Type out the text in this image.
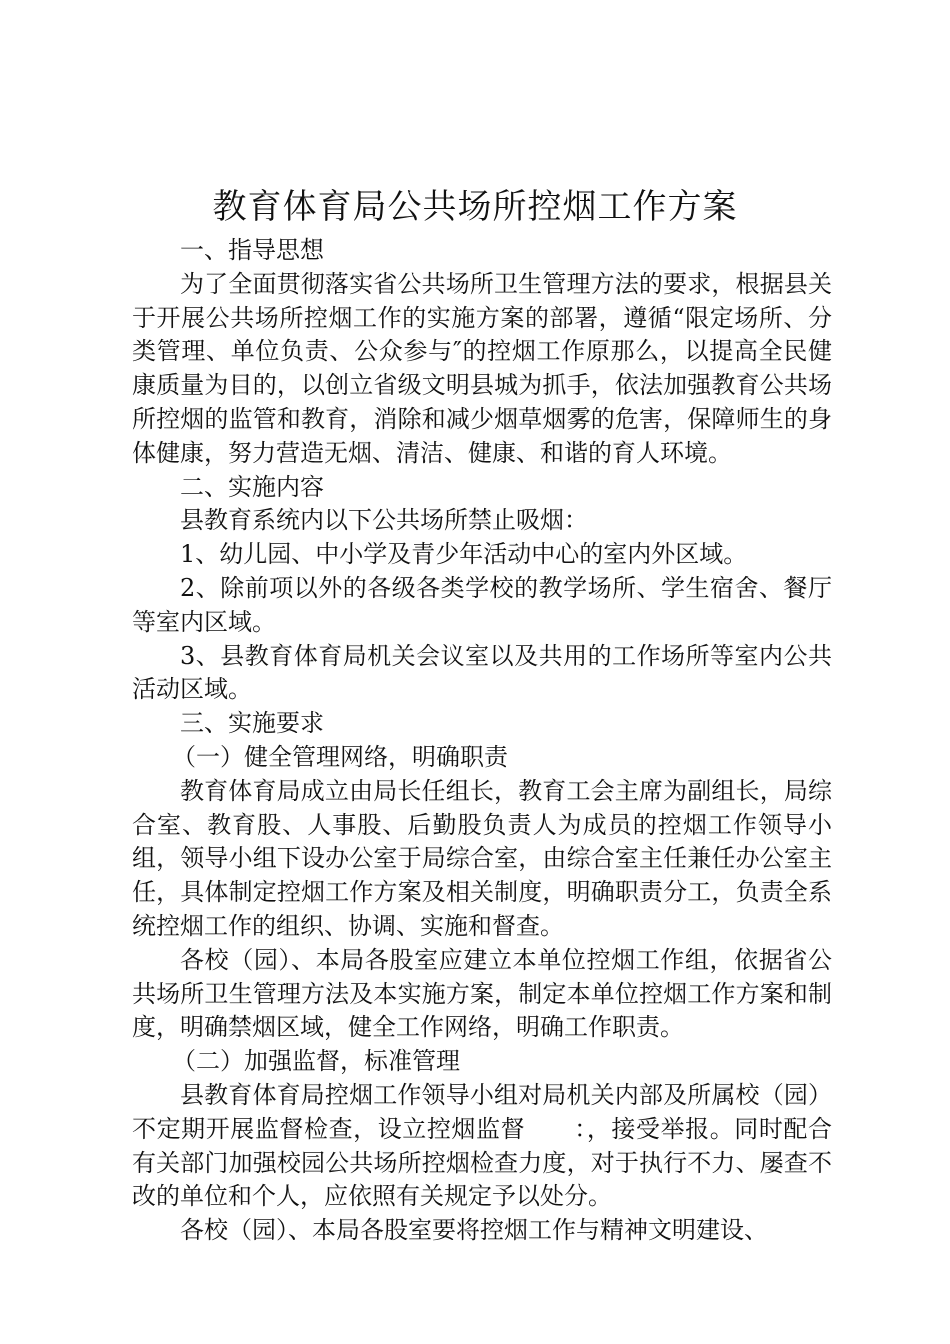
教育体育局公共场所控烟工作方案

一、指导思想

为了全面贯彻落实省公共场所卫生管理方法的要求，根据县关于开展公共场所控烟工作的实施方案的部署，遵循“限定场所、分类管理、单位负责、公众参与″的控烟工作原那么，以提高全民健康质量为目的，以创立省级文明县城为抓手，依法加强教育公共场所控烟的监管和教育，消除和减少烟草烟雾的危害，保障师生的身体健康，努力营造无烟、清洁、健康、和谐的育人环境。

二、实施内容

县教育系统内以下公共场所禁止吸烟：

1、幼儿园、中小学及青少年活动中心的室内外区域。

2、除前项以外的各级各类学校的教学场所、学生宿舍、餐厅等室内区域。

3、县教育体育局机关会议室以及共用的工作场所等室内公共活动区域。

三、实施要求

（一）健全管理网络，明确职责

教育体育局成立由局长任组长，教育工会主席为副组长，局综合室、教育股、人事股、后勤股负责人为成员的控烟工作领导小组，领导小组下设办公室于局综合室，由综合室主任兼任办公室主任，具体制定控烟工作方案及相关制度，明确职责分工，负责全系统控烟工作的组织、协调、实施和督查。

各校（园）、本局各股室应建立本单位控烟工作组，依据省公共场所卫生管理方法及本实施方案，制定本单位控烟工作方案和制度，明确禁烟区域，健全工作网络，明确工作职责。

（二）加强监督，标准管理

县教育体育局控烟工作领导小组对局机关内部及所属校（园）不定期开展监督检查，设立控烟监督　　：，接受举报。同时配合有关部门加强校园公共场所控烟检查力度，对于执行不力、屡查不改的单位和个人，应依照有关规定予以处分。

各校（园）、本局各股室要将控烟工作与精神文明建设、
